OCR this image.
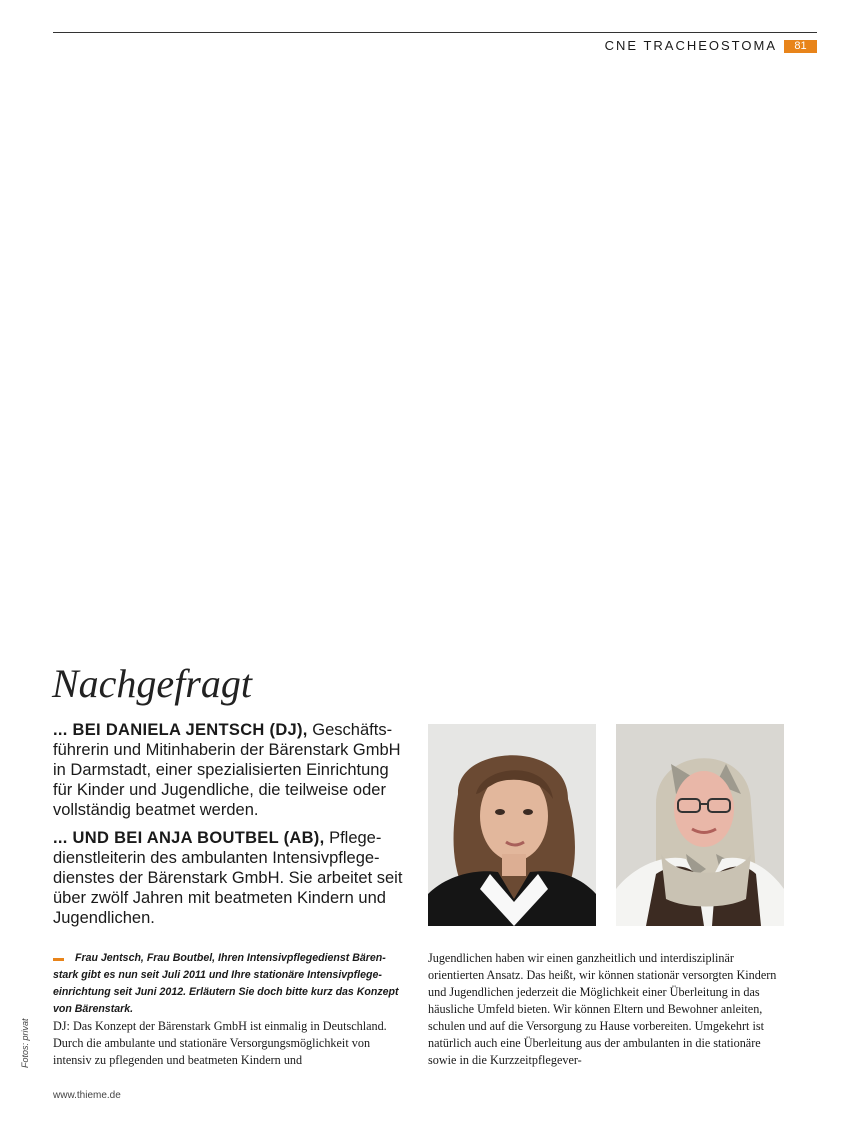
CNE TRACHEOSTOMA	81
Nachgefragt

... BEI DANIELA JENTSCH (DJ), Geschäftsführerin und Mitinhaberin der Bärenstark GmbH in Darmstadt, einer spezialisierten Einrichtung für Kinder und Jugendliche, die teilweise oder vollständig beatmet werden.

... UND BEI ANJA BOUTBEL (AB), Pflegedienstleiterin des ambulanten Intensivpflegedienstes der Bärenstark GmbH. Sie arbeitet seit über zwölf Jahren mit beatmeten Kindern und Jugendlichen.

Frau Jentsch, Frau Boutbel, Ihren Intensivpflegedienst Bärenstark gibt es nun seit Juli 2011 und Ihre stationäre Intensivpflegeeinrichtung seit Juni 2012. Erläutern Sie doch bitte kurz das Konzept von Bärenstark.

DJ: Das Konzept der Bärenstark GmbH ist einmalig in Deutschland. Durch die ambulante und stationäre Versorgungsmöglichkeit von intensiv zu pflegenden und beatmeten Kindern und

Jugendlichen haben wir einen ganzheitlich und interdisziplinär orientierten Ansatz. Das heißt, wir können stationär versorgten Kindern und Jugendlichen jederzeit die Möglichkeit einer Überleitung in das häusliche Umfeld bieten. Wir können Eltern und Bewohner anleiten, schulen und auf die Versorgung zu Hause vorbereiten. Umgekehrt ist natürlich auch eine Überleitung aus der ambulanten in die stationäre sowie in die Kurzzeitpflegever-

Fotos: privat
www.thieme.de
